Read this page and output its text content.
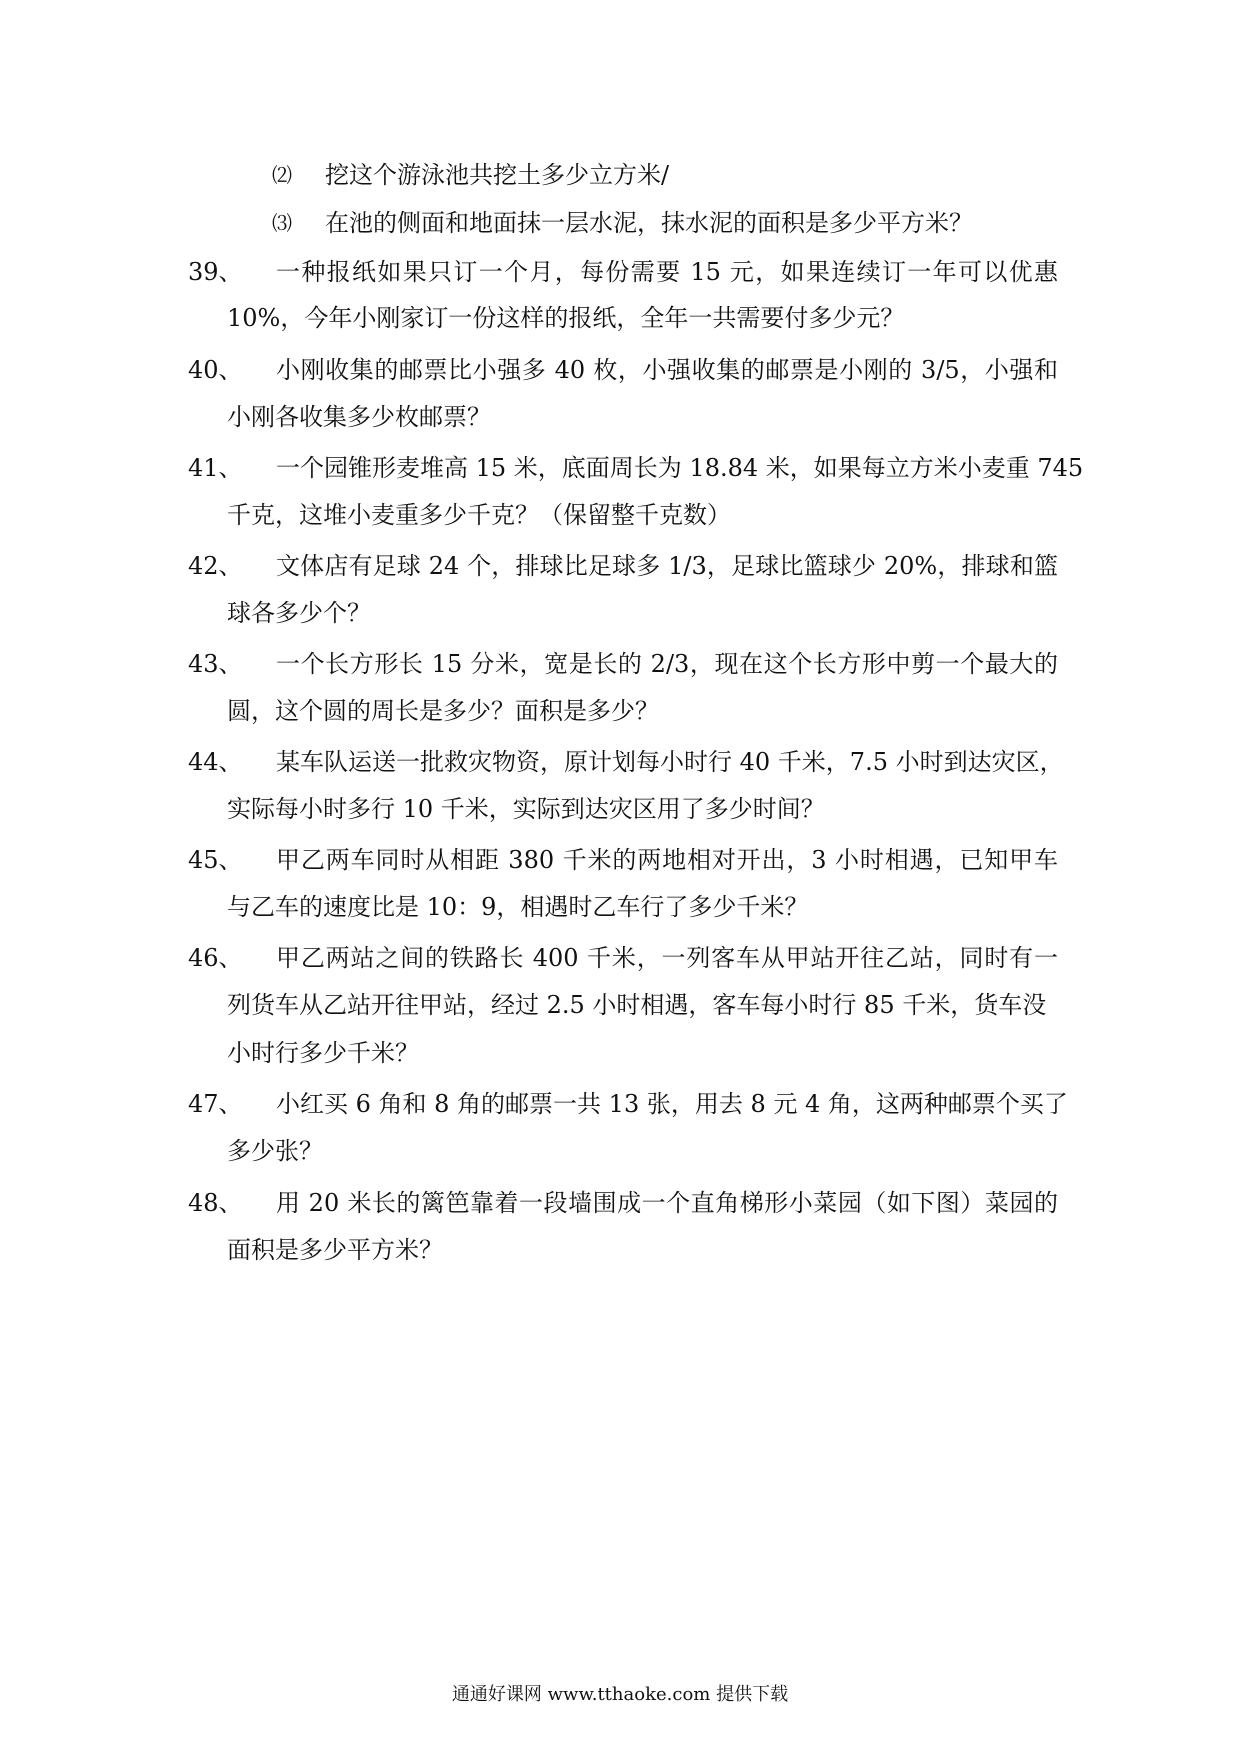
⑵ 挖这个游泳池共挖土多少立方米/
⑶ 在池的侧面和地面抹一层水泥，抹水泥的面积是多少平方米？
39、 一种报纸如果只订一个月，每份需要 15 元，如果连续订一年可以优惠
10%，今年小刚家订一份这样的报纸，全年一共需要付多少元？
40、 小刚收集的邮票比小强多 40 枚，小强收集的邮票是小刚的 3/5，小强和
小刚各收集多少枚邮票？
41、 一个园锥形麦堆高 15 米，底面周长为 18.84 米，如果每立方米小麦重 745
千克，这堆小麦重多少千克？（保留整千克数）
42、 文体店有足球 24 个，排球比足球多 1/3，足球比篮球少 20%，排球和篮
球各多少个？
43、 一个长方形长 15 分米，宽是长的 2/3，现在这个长方形中剪一个最大的
圆，这个圆的周长是多少？面积是多少？
44、 某车队运送一批救灾物资，原计划每小时行 40 千米，7.5 小时到达灾区，
实际每小时多行 10 千米，实际到达灾区用了多少时间？
45、 甲乙两车同时从相距 380 千米的两地相对开出，3 小时相遇，已知甲车
与乙车的速度比是 10：9，相遇时乙车行了多少千米？
46、 甲乙两站之间的铁路长 400 千米，一列客车从甲站开往乙站，同时有一
列货车从乙站开往甲站，经过 2.5 小时相遇，客车每小时行 85 千米，货车没
小时行多少千米？
47、 小红买 6 角和 8 角的邮票一共 13 张，用去 8 元 4 角，这两种邮票个买了
多少张？
48、 用 20 米长的篱笆靠着一段墙围成一个直角梯形小菜园（如下图）菜园的
面积是多少平方米？
通通好课网 www.tthaoke.com 提供下载
